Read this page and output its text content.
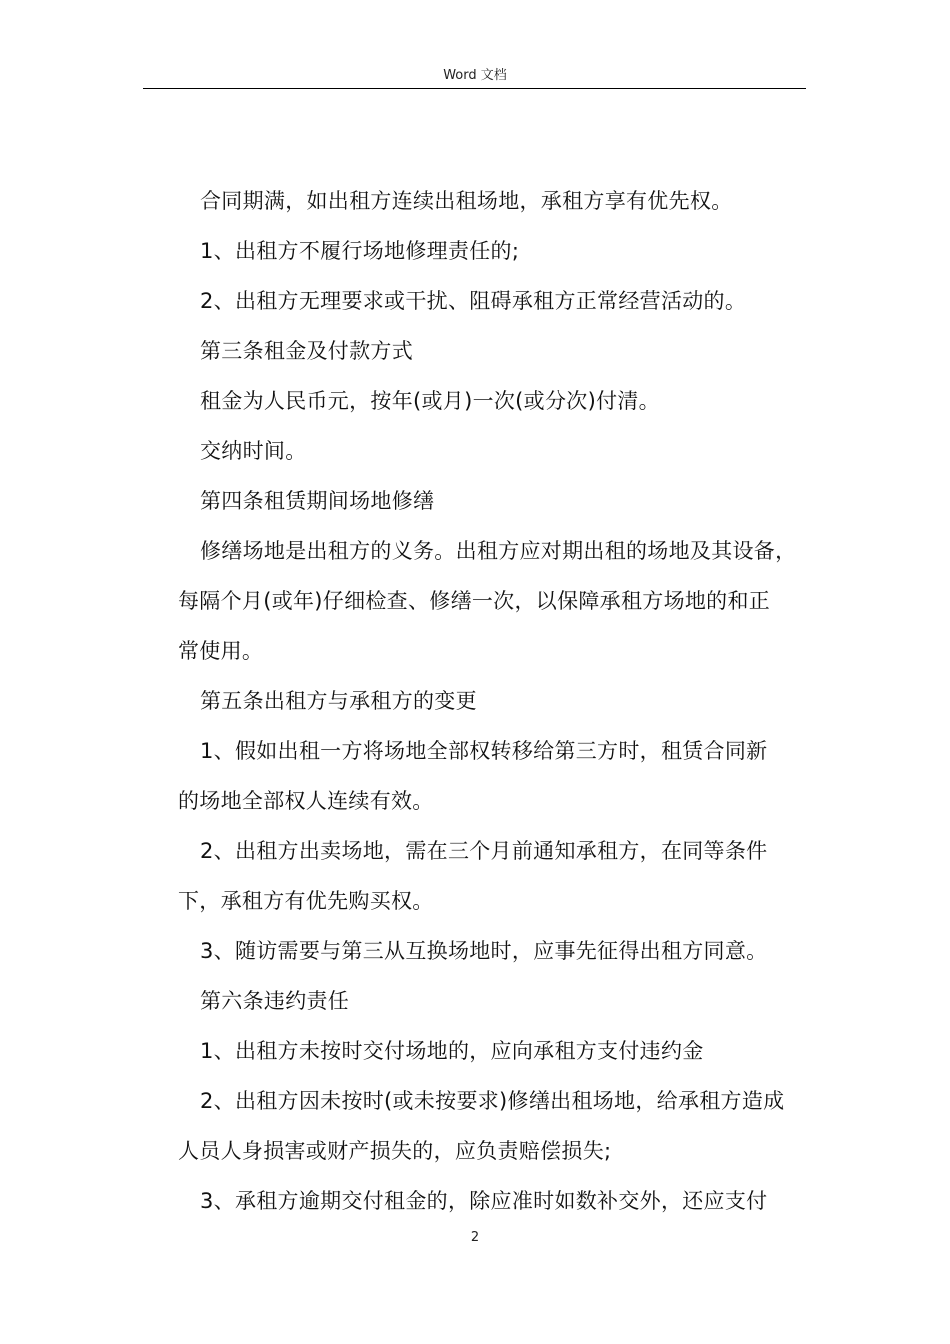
Word 文档
合同期满，如出租方连续出租场地，承租方享有优先权。
1、出租方不履行场地修理责任的;
2、出租方无理要求或干扰、阻碍承租方正常经营活动的。
第三条租金及付款方式
租金为人民币元，按年(或月)一次(或分次)付清。
交纳时间。
第四条租赁期间场地修缮
修缮场地是出租方的义务。出租方应对期出租的场地及其设备，
每隔个月(或年)仔细检查、修缮一次，以保障承租方场地的和正
常使用。
第五条出租方与承租方的变更
1、假如出租一方将场地全部权转移给第三方时，租赁合同新
的场地全部权人连续有效。
2、出租方出卖场地，需在三个月前通知承租方，在同等条件
下，承租方有优先购买权。
3、随访需要与第三从互换场地时，应事先征得出租方同意。
第六条违约责任
1、出租方未按时交付场地的，应向承租方支付违约金
2、出租方因未按时(或未按要求)修缮出租场地，给承租方造成
人员人身损害或财产损失的，应负责赔偿损失;
3、承租方逾期交付租金的，除应准时如数补交外，还应支付
2
